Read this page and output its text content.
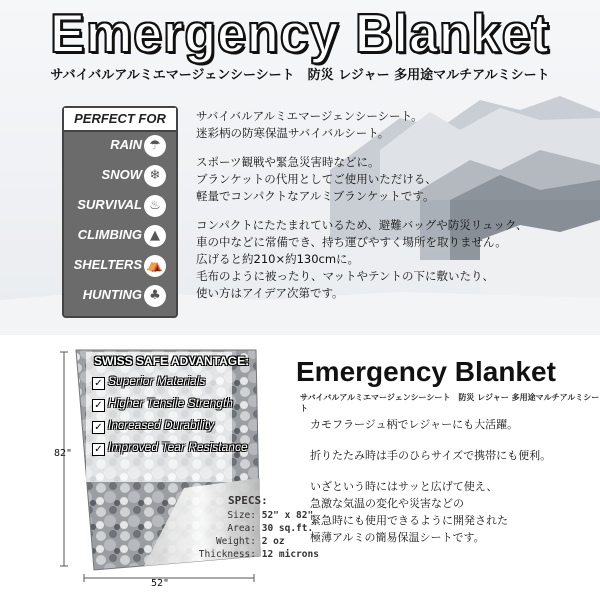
Emergency Blanket
サバイバルアルミエマージェンシーシート　防災 レジャー 多用途マルチアルミシート
PERFECT FOR
RAIN ☂
SNOW ❄
SURVIVAL ♨
CLIMBING ▲
SHELTERS ⛺
HUNTING ♣

サバイバルアルミエマージェンシーシート。
迷彩柄の防寒保温サバイバルシート。

スポーツ観戦や緊急災害時などに。
ブランケットの代用としてご使用いただける、
軽量でコンパクトなアルミブランケットです。

コンパクトにたたまれているため、避難バッグや防災リュック、
車の中などに常備でき、持ち運びやすく場所を取りません。
広げると約210×約130cmに。
毛布のように被ったり、マットやテントの下に敷いたり、
使い方はアイデア次第です。

SWISS SAFE ADVANTAGE:
✓ Superior Materials
✓ Higher Tensile Strength
✓ Increased Durability
✓ Improved Tear Resistance
82"
52"
SPECS:
Size: 52" x 82"
Area: 30 sq.ft.
Weight: 2 oz
Thickness: 12 microns
Emergency Blanket
サバイバルアルミエマージェンシーシート　防災 レジャー 多用途マルチアルミシート

カモフラージュ柄でレジャーにも大活躍。

折りたたみ時は手のひらサイズで携帯にも便利。

いざという時にはサッと広げて使え、
急激な気温の変化や災害などの
緊急時にも使用できるように開発された
極薄アルミの簡易保温シートです。
